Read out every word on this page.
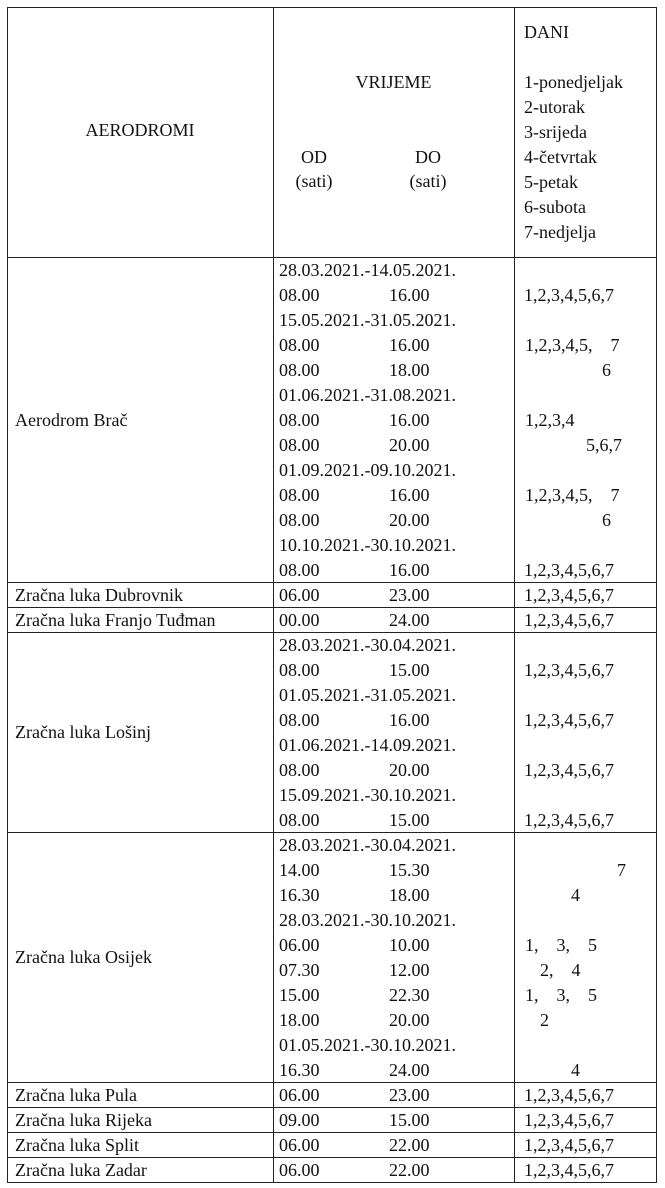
AERODROMI
VRIJEME
OD
(sati)
DO
(sati)
DANI
1-ponedjeljak
2-utorak
3-srijeda
4-četvrtak
5-petak
6-subota
7-nedjelja
Aerodrom Brač
28.03.2021.-14.05.2021.
08.00	16.00	1,2,3,4,5,6,7
15.05.2021.-31.05.2021.
08.00	16.00	1,2,3,4,5,    7
08.00	18.00	6
01.06.2021.-31.08.2021.
08.00	16.00	1,2,3,4
08.00	20.00	5,6,7
01.09.2021.-09.10.2021.
08.00	16.00	1,2,3,4,5,    7
08.00	20.00	6
10.10.2021.-30.10.2021.
08.00	16.00	1,2,3,4,5,6,7
Zračna luka Dubrovnik	06.00	23.00	1,2,3,4,5,6,7
Zračna luka Franjo Tuđman	00.00	24.00	1,2,3,4,5,6,7
Zračna luka Lošinj
28.03.2021.-30.04.2021.
08.00	15.00	1,2,3,4,5,6,7
01.05.2021.-31.05.2021.
08.00	16.00	1,2,3,4,5,6,7
01.06.2021.-14.09.2021.
08.00	20.00	1,2,3,4,5,6,7
15.09.2021.-30.10.2021.
08.00	15.00	1,2,3,4,5,6,7
Zračna luka Osijek
28.03.2021.-30.04.2021.
14.00	15.30	7
16.30	18.00	4
28.03.2021.-30.10.2021.
06.00	10.00	1,    3,    5
07.30	12.00	2,    4
15.00	22.30	1,    3,    5
18.00	20.00	2
01.05.2021.-30.10.2021.
16.30	24.00	4
Zračna luka Pula	06.00	23.00	1,2,3,4,5,6,7
Zračna luka Rijeka	09.00	15.00	1,2,3,4,5,6,7
Zračna luka Split	06.00	22.00	1,2,3,4,5,6,7
Zračna luka Zadar	06.00	22.00	1,2,3,4,5,6,7
